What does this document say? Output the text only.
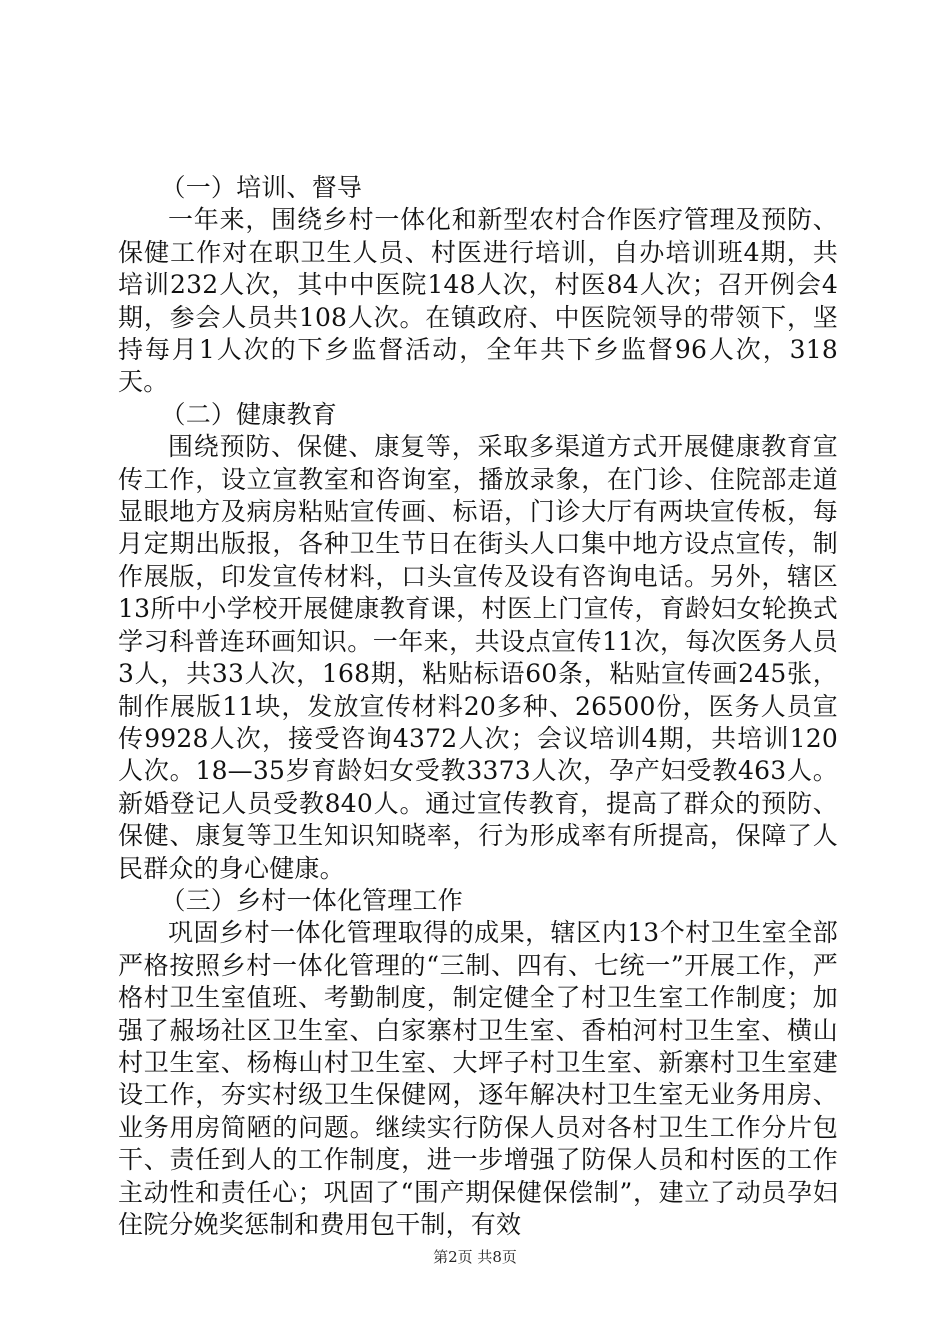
（一）培训、督导

一年来，围绕乡村一体化和新型农村合作医疗管理及预防、保健工作对在职卫生人员、村医进行培训，自办培训班4期，共培训232人次，其中中医院148人次，村医84人次；召开例会4期，参会人员共108人次。在镇政府、中医院领导的带领下，坚持每月1人次的下乡监督活动，全年共下乡监督96人次，318天。

（二）健康教育

围绕预防、保健、康复等，采取多渠道方式开展健康教育宣传工作，设立宣教室和咨询室，播放录象，在门诊、住院部走道显眼地方及病房粘贴宣传画、标语，门诊大厅有两块宣传板，每月定期出版报，各种卫生节日在街头人口集中地方设点宣传，制作展版，印发宣传材料，口头宣传及设有咨询电话。另外，辖区13所中小学校开展健康教育课，村医上门宣传，育龄妇女轮换式学习科普连环画知识。一年来，共设点宣传11次，每次医务人员3人，共33人次，168期，粘贴标语60条，粘贴宣传画245张，制作展版11块，发放宣传材料20多种、26500份，医务人员宣传9928人次，接受咨询4372人次；会议培训4期，共培训120人次。18—35岁育龄妇女受教3373人次，孕产妇受教463人。新婚登记人员受教840人。通过宣传教育，提高了群众的预防、保健、康复等卫生知识知晓率，行为形成率有所提高，保障了人民群众的身心健康。

（三）乡村一体化管理工作

巩固乡村一体化管理取得的成果，辖区内13个村卫生室全部严格按照乡村一体化管理的“三制、四有、七统一”开展工作，严格村卫生室值班、考勤制度，制定健全了村卫生室工作制度；加强了赧场社区卫生室、白家寨村卫生室、香柏河村卫生室、横山村卫生室、杨梅山村卫生室、大坪子村卫生室、新寨村卫生室建设工作，夯实村级卫生保健网，逐年解决村卫生室无业务用房、业务用房简陋的问题。继续实行防保人员对各村卫生工作分片包干、责任到人的工作制度，进一步增强了防保人员和村医的工作主动性和责任心；巩固了“围产期保健保偿制”，建立了动员孕妇住院分娩奖惩制和费用包干制，有效

第2页 共8页
